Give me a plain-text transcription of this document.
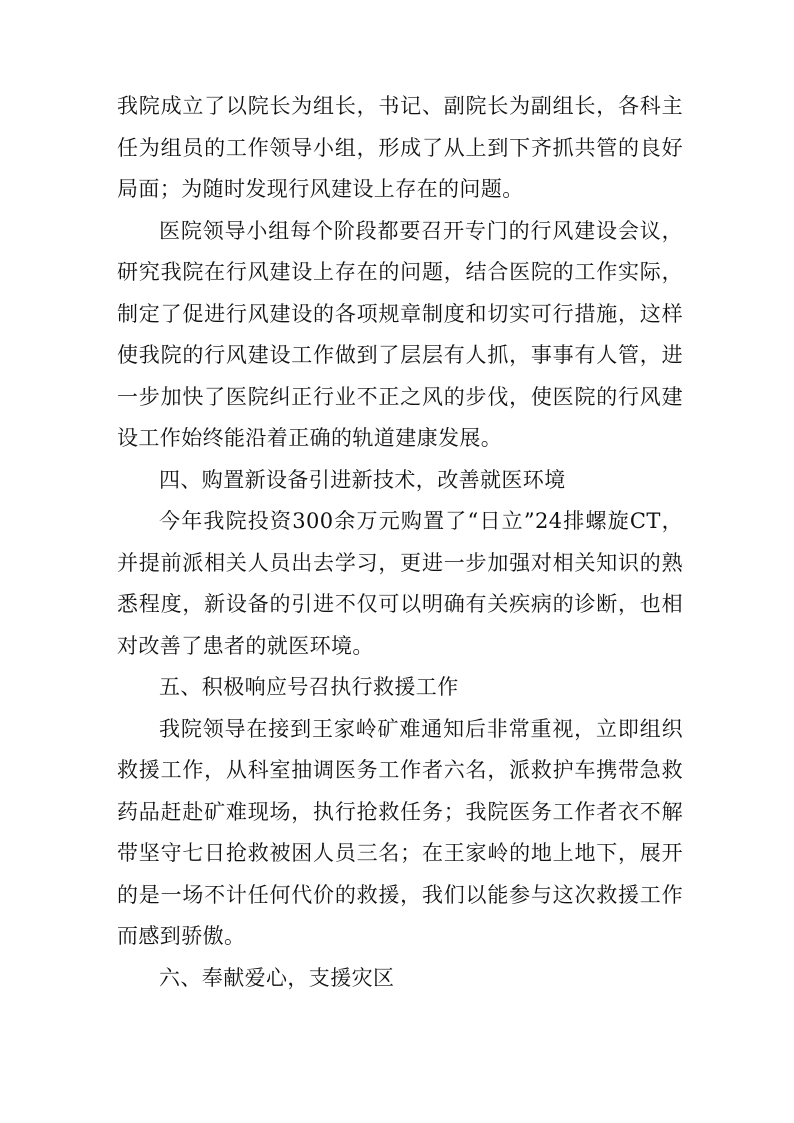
我院成立了以院长为组长，书记、副院长为副组长，各科主任为组员的工作领导小组，形成了从上到下齐抓共管的良好局面；为随时发现行风建设上存在的问题。

医院领导小组每个阶段都要召开专门的行风建设会议，研究我院在行风建设上存在的问题，结合医院的工作实际，制定了促进行风建设的各项规章制度和切实可行措施，这样使我院的行风建设工作做到了层层有人抓，事事有人管，进一步加快了医院纠正行业不正之风的步伐，使医院的行风建设工作始终能沿着正确的轨道建康发展。

四、购置新设备引进新技术，改善就医环境

今年我院投资300余万元购置了“日立”24排螺旋CT，并提前派相关人员出去学习，更进一步加强对相关知识的熟悉程度，新设备的引进不仅可以明确有关疾病的诊断，也相对改善了患者的就医环境。

五、积极响应号召执行救援工作

我院领导在接到王家岭矿难通知后非常重视，立即组织救援工作，从科室抽调医务工作者六名，派救护车携带急救药品赶赴矿难现场，执行抢救任务；我院医务工作者衣不解带坚守七日抢救被困人员三名；在王家岭的地上地下，展开的是一场不计任何代价的救援，我们以能参与这次救援工作而感到骄傲。

六、奉献爱心，支援灾区
